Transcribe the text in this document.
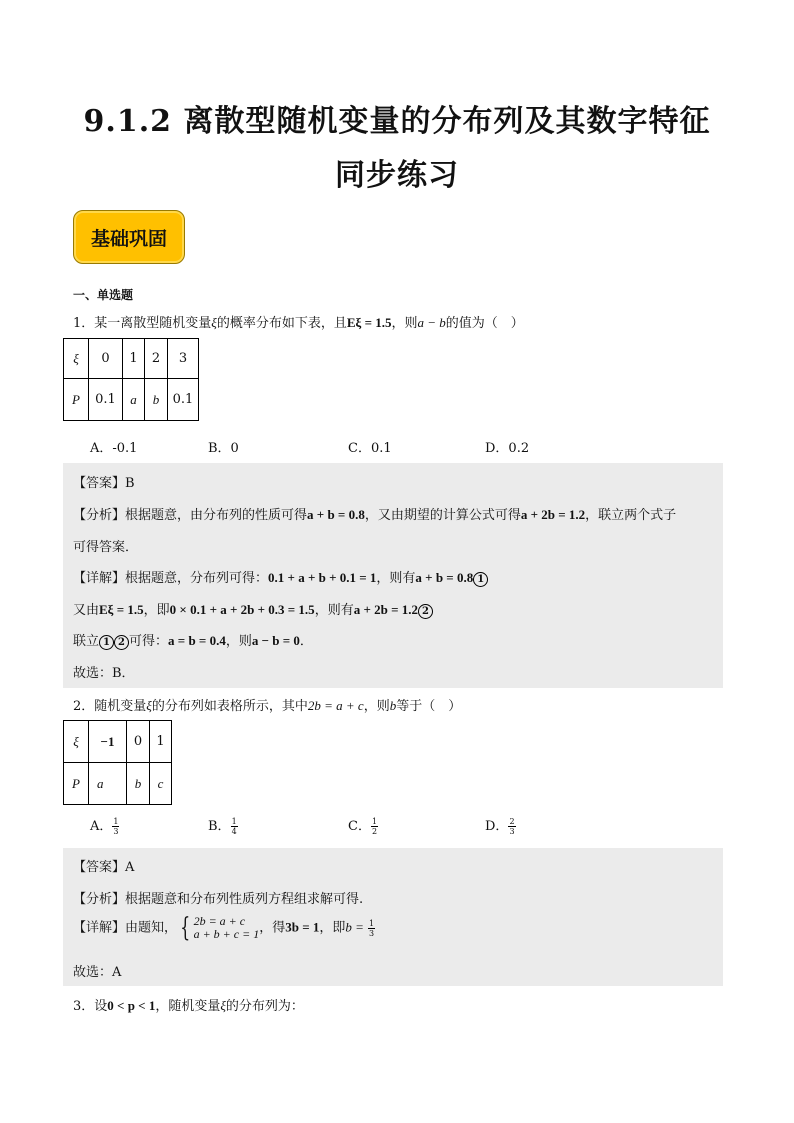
9.1.2 离散型随机变量的分布列及其数字特征
同步练习
基础巩固
一、单选题
1．某一离散型随机变量ξ的概率分布如下表，且Eξ = 1.5，则a − b的值为（　）
ξ	0	1	2	3
P	0.1	a	b	0.1
A．-0.1	B．0	C．0.1	D．0.2
【答案】B
【分析】根据题意，由分布列的性质可得a + b = 0.8，又由期望的计算公式可得a + 2b = 1.2，联立两个式子
可得答案．
【详解】根据题意，分布列可得：0.1 + a + b + 0.1 = 1，则有a + b = 0.8 1
又由Eξ = 1.5，即0 × 0.1 + a + 2b + 0.3 = 1.5，则有a + 2b = 1.2 2
联立 1 2 可得：a = b = 0.4，则a − b = 0．
故选：B．
2．随机变量ξ的分布列如表格所示，其中2b = a + c，则b等于（　）
ξ	−1	0	1
P	a	b	c
A． $\frac{1}{3}$	B． $\frac{1}{4}$	C． $\frac{1}{2}$	D． $\frac{2}{3}$
【答案】A
【分析】根据题意和分布列性质列方程组求解可得.
【详解】由题知， { 2b = a + c
a + b + c = 1 ，得3b = 1，即$b = \frac{1}{3}$
故选：A
3．设0 < p < 1，随机变量ξ的分布列为：
